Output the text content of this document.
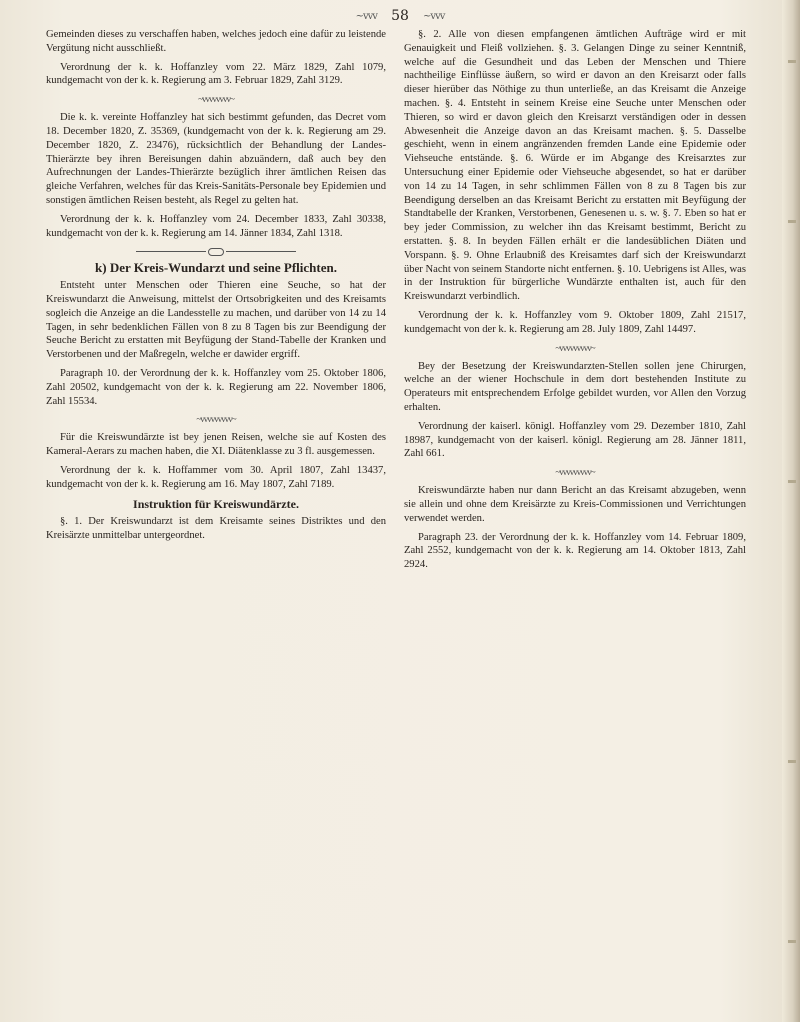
~vvv 58 ~vvv

Gemeinden dieses zu verschaffen haben, welches jedoch eine dafür zu leistende Vergütung nicht ausschließt.

Verordnung der k. k. Hoffanzley vom 22. März 1829, Zahl 1079, kundgemacht von der k. k. Regierung am 3. Februar 1829, Zahl 3129.

~vvvvvvvv~

Die k. k. vereinte Hoffanzley hat sich bestimmt gefunden, das Decret vom 18. December 1820, Z. 35369, (kundgemacht von der k. k. Regierung am 29. December 1820, Z. 23476), rücksichtlich der Behandlung der Landes-Thierärzte bey ihren Bereisungen dahin abzuändern, daß auch bey den Aufrechnungen der Landes-Thierärzte bezüglich ihrer ämtlichen Reisen das gleiche Verfahren, welches für das Kreis-Sanitäts-Personale bey Epidemien und sonstigen ämtlichen Reisen besteht, als Regel zu gelten hat.

Verordnung der k. k. Hoffanzley vom 24. December 1833, Zahl 30338, kundgemacht von der k. k. Regierung am 14. Jänner 1834, Zahl 1318.

k) Der Kreis-Wundarzt und seine Pflichten.

Entsteht unter Menschen oder Thieren eine Seuche, so hat der Kreiswundarzt die Anweisung, mittelst der Ortsobrigkeiten und des Kreisamts sogleich die Anzeige an die Landesstelle zu machen, und darüber von 14 zu 14 Tagen, in sehr bedenklichen Fällen von 8 zu 8 Tagen bis zur Beendigung der Seuche Bericht zu erstatten mit Beyfügung der Stand-Tabelle der Kranken und Verstorbenen und der Maßregeln, welche er dawider ergriff.

Paragraph 10. der Verordnung der k. k. Hoffanzley vom 25. Oktober 1806, Zahl 20502, kundgemacht von der k. k. Regierung am 22. November 1806, Zahl 15534.

~vvvvvvvvv~

Für die Kreiswundärzte ist bey jenen Reisen, welche sie auf Kosten des Kameral-Aerars zu machen haben, die XI. Diätenklasse zu 3 fl. ausgemessen.

Verordnung der k. k. Hoffammer vom 30. April 1807, Zahl 13437, kundgemacht von der k. k. Regierung am 16. May 1807, Zahl 7189.

Instruktion für Kreiswundärzte.

§. 1. Der Kreiswundarzt ist dem Kreisamte seines Distriktes und den Kreisärzte unmittelbar untergeordnet.

§. 2. Alle von diesen empfangenen ämtlichen Aufträge wird er mit Genauigkeit und Fleiß vollziehen. §. 3. Gelangen Dinge zu seiner Kenntniß, welche auf die Gesundheit und das Leben der Menschen und Thiere nachtheilige Einflüsse äußern, so wird er davon an den Kreisarzt oder falls dieser hierüber das Nöthige zu thun unterließe, an das Kreisamt die Anzeige machen. §. 4. Entsteht in seinem Kreise eine Seuche unter Menschen oder Thieren, so wird er davon gleich den Kreisarzt verständigen oder in dessen Abwesenheit die Anzeige davon an das Kreisamt machen. §. 5. Dasselbe geschieht, wenn in einem angränzenden fremden Lande eine Epidemie oder Viehseuche entstände. §. 6. Würde er im Abgange des Kreisarztes zur Untersuchung einer Epidemie oder Viehseuche abgesendet, so hat er darüber von 14 zu 14 Tagen, in sehr schlimmen Fällen von 8 zu 8 Tagen bis zur Beendigung derselben an das Kreisamt Bericht zu erstatten mit Beyfügung der Standtabelle der Kranken, Verstorbenen, Genesenen u. s. w. §. 7. Eben so hat er bey jeder Commission, zu welcher ihn das Kreisamt bestimmt, Bericht zu erstatten. §. 8. In beyden Fällen erhält er die landesüblichen Diäten und Vorspann. §. 9. Ohne Erlaubniß des Kreisamtes darf sich der Kreiswundarzt über Nacht von seinem Standorte nicht entfernen. §. 10. Uebrigens ist Alles, was in der Instruktion für bürgerliche Wundärzte enthalten ist, auch für den Kreiswundarzt verbindlich.

Verordnung der k. k. Hoffanzley vom 9. Oktober 1809, Zahl 21517, kundgemacht von der k. k. Regierung am 28. July 1809, Zahl 14497.

~vvvvvvvvv~

Bey der Besetzung der Kreiswundarzten-Stellen sollen jene Chirurgen, welche an der wiener Hochschule in dem dort bestehenden Institute zu Operateurs mit entsprechendem Erfolge gebildet wurden, vor Allen den Vorzug erhalten.

Verordnung der kaiserl. königl. Hoffanzley vom 29. Dezember 1810, Zahl 18987, kundgemacht von der kaiserl. königl. Regierung am 28. Jänner 1811, Zahl 661.

~vvvvvvvvv~

Kreiswundärzte haben nur dann Bericht an das Kreisamt abzugeben, wenn sie allein und ohne dem Kreisärzte zu Kreis-Commissionen und Verrichtungen verwendet werden.

Paragraph 23. der Verordnung der k. k. Hoffanzley vom 14. Februar 1809, Zahl 2552, kundgemacht von der k. k. Regierung am 14. Oktober 1813, Zahl 2924.
